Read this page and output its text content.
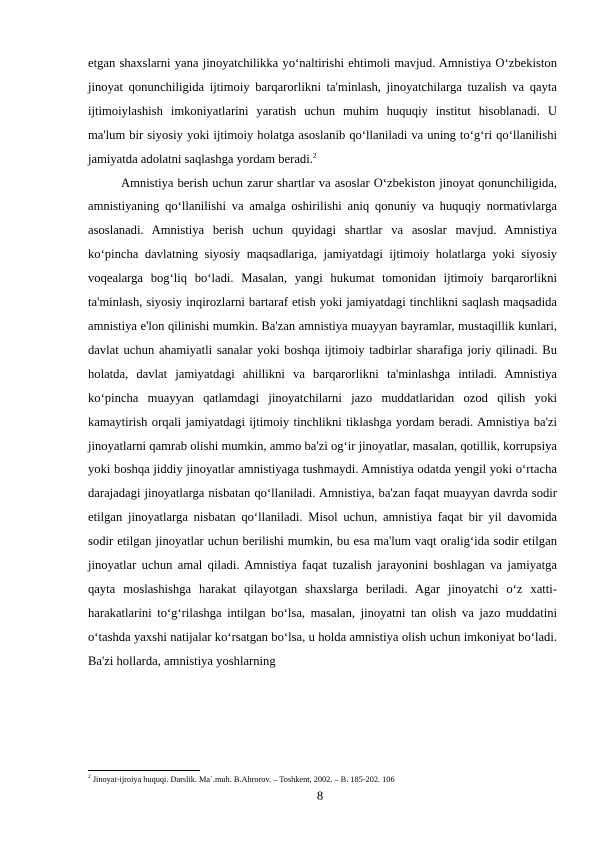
etgan shaxslarni yana jinoyatchilikka yo‘naltirishi ehtimoli mavjud. Amnistiya O‘zbekiston jinoyat qonunchiligida ijtimoiy barqarorlikni ta'minlash, jinoyatchilarga tuzalish va qayta ijtimoiylashish imkoniyatlarini yaratish uchun muhim huquqiy institut hisoblanadi. U ma'lum bir siyosiy yoki ijtimoiy holatga asoslanib qo‘llaniladi va uning to‘g‘ri qo‘llanilishi jamiyatda adolatni saqlashga yordam beradi.$^2$

Amnistiya berish uchun zarur shartlar va asoslar O‘zbekiston jinoyat qonunchiligida, amnistiyaning qo‘llanilishi va amalga oshirilishi aniq qonuniy va huquqiy normativlarga asoslanadi. Amnistiya berish uchun quyidagi shartlar va asoslar mavjud. Amnistiya ko‘pincha davlatning siyosiy maqsadlariga, jamiyatdagi ijtimoiy holatlarga yoki siyosiy voqealarga bog‘liq bo‘ladi. Masalan, yangi hukumat tomonidan ijtimoiy barqarorlikni ta'minlash, siyosiy inqirozlarni bartaraf etish yoki jamiyatdagi tinchlikni saqlash maqsadida amnistiya e'lon qilinishi mumkin. Ba'zan amnistiya muayyan bayramlar, mustaqillik kunlari, davlat uchun ahamiyatli sanalar yoki boshqa ijtimoiy tadbirlar sharafiga joriy qilinadi. Bu holatda, davlat jamiyatdagi ahillikni va barqarorlikni ta'minlashga intiladi. Amnistiya ko‘pincha muayyan qatlamdagi jinoyatchilarni jazo muddatlaridan ozod qilish yoki kamaytirish orqali jamiyatdagi ijtimoiy tinchlikni tiklashga yordam beradi. Amnistiya ba'zi jinoyatlarni qamrab olishi mumkin, ammo ba'zi og‘ir jinoyatlar, masalan, qotillik, korrupsiya yoki boshqa jiddiy jinoyatlar amnistiyaga tushmaydi. Amnistiya odatda yengil yoki o‘rtacha darajadagi jinoyatlarga nisbatan qo‘llaniladi. Amnistiya, ba'zan faqat muayyan davrda sodir etilgan jinoyatlarga nisbatan qo‘llaniladi. Misol uchun, amnistiya faqat bir yil davomida sodir etilgan jinoyatlar uchun berilishi mumkin, bu esa ma'lum vaqt oralig‘ida sodir etilgan jinoyatlar uchun amal qiladi. Amnistiya faqat tuzalish jarayonini boshlagan va jamiyatga qayta moslashishga harakat qilayotgan shaxslarga beriladi. Agar jinoyatchi o‘z xatti-harakatlarini to‘g‘rilashga intilgan bo‘lsa, masalan, jinoyatni tan olish va jazo muddatini o‘tashda yaxshi natijalar ko‘rsatgan bo‘lsa, u holda amnistiya olish uchun imkoniyat bo‘ladi. Ba'zi hollarda, amnistiya yoshlarning

$^2$ Jinoyat-ijroiya huquqi. Darslik. Ma`.muh. B.Ahrorov. – Toshkent, 2002. – B. 185-202. 106
8
